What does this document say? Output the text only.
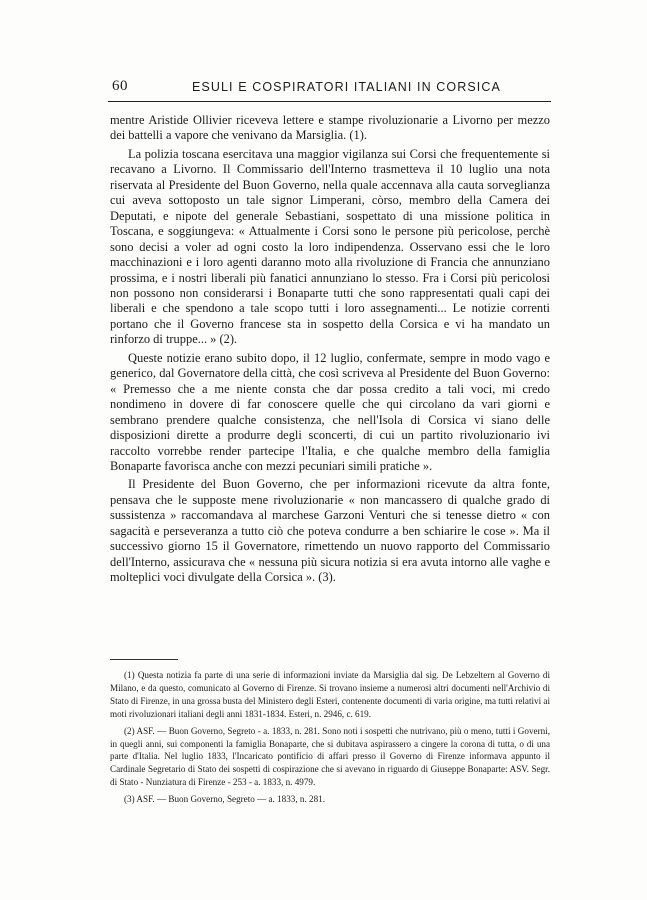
60	ESULI E COSPIRATORI ITALIANI IN CORSICA

mentre Aristide Ollivier riceveva lettere e stampe rivoluzionarie a Livorno per mezzo dei battelli a vapore che venivano da Marsiglia. (1).

La polizia toscana esercitava una maggior vigilanza sui Corsi che frequentemente si recavano a Livorno. Il Commissario dell'Interno trasmetteva il 10 luglio una nota riservata al Presidente del Buon Governo, nella quale accennava alla cauta sorveglianza cui aveva sottoposto un tale signor Limperani, còrso, membro della Camera dei Deputati, e nipote del generale Sebastiani, sospettato di una missione politica in Toscana, e soggiungeva: « Attualmente i Corsi sono le persone più pericolose, perchè sono decisi a voler ad ogni costo la loro indipendenza. Osservano essi che le loro macchinazioni e i loro agenti daranno moto alla rivoluzione di Francia che annunziano prossima, e i nostri liberali più fanatici annunziano lo stesso. Fra i Corsi più pericolosi non possono non considerarsi i Bonaparte tutti che sono rappresentati quali capi dei liberali e che spendono a tale scopo tutti i loro assegnamenti... Le notizie correnti portano che il Governo francese sta in sospetto della Corsica e vi ha mandato un rinforzo di truppe... » (2).

Queste notizie erano subito dopo, il 12 luglio, confermate, sempre in modo vago e generico, dal Governatore della città, che così scriveva al Presidente del Buon Governo: « Premesso che a me niente consta che dar possa credito a tali voci, mi credo nondimeno in dovere di far conoscere quelle che qui circolano da vari giorni e sembrano prendere qualche consistenza, che nell'Isola di Corsica vi siano delle disposizioni dirette a produrre degli sconcerti, di cui un partito rivoluzionario ivi raccolto vorrebbe render partecipe l'Italia, e che qualche membro della famiglia Bonaparte favorisca anche con mezzi pecuniari simili pratiche ».

Il Presidente del Buon Governo, che per informazioni ricevute da altra fonte, pensava che le supposte mene rivoluzionarie « non mancassero di qualche grado di sussistenza » raccomandava al marchese Garzoni Venturi che si tenesse dietro « con sagacità e perseveranza a tutto ciò che poteva condurre a ben schiarire le cose ». Ma il successivo giorno 15 il Governatore, rimettendo un nuovo rapporto del Commissario dell'Interno, assicurava che « nessuna più sicura notizia si era avuta intorno alle vaghe e molteplici voci divulgate della Corsica ». (3).

(1) Questa notizia fa parte di una serie di informazioni inviate da Marsiglia dal sig. De Lebzeltern al Governo di Milano, e da questo, comunicato al Governo di Firenze. Si trovano insieme a numerosi altri documenti nell'Archivio di Stato di Firenze, in una grossa busta del Ministero degli Esteri, contenente documenti di varia origine, ma tutti relativi ai moti rivoluzionari italiani degli anni 1831-1834. Esteri, n. 2946, c. 619.

(2) ASF. — Buon Governo, Segreto - a. 1833, n. 281. Sono noti i sospetti che nutrivano, più o meno, tutti i Governi, in quegli anni, sui componenti la famiglia Bonaparte, che si dubitava aspirassero a cingere la corona di tutta, o di una parte d'Italia. Nel luglio 1833, l'Incaricato pontificio di affari presso il Governo di Firenze informava appunto il Cardinale Segretario di Stato dei sospetti di cospirazione che si avevano in riguardo di Giuseppe Bonaparte: ASV. Segr. di Stato - Nunziatura di Firenze - 253 - a. 1833, n. 4979.

(3) ASF. — Buon Governo, Segreto — a. 1833, n. 281.
